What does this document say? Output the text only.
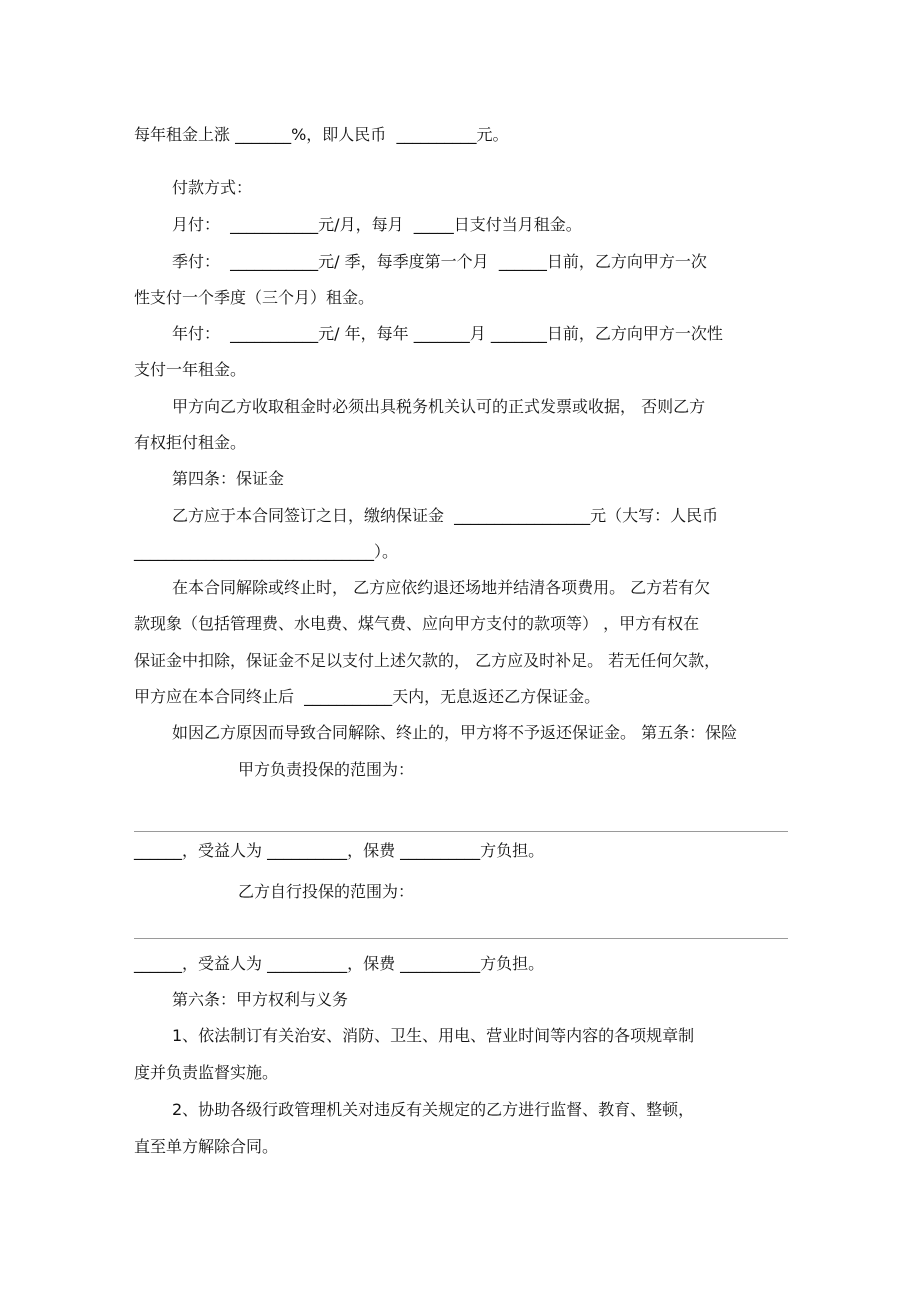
每年租金上涨 _______%，即人民币  __________元。
付款方式：
月付：  ___________元/月，每月  _____日支付当月租金。
季付：  ___________元/ 季，每季度第一个月  ______日前，乙方向甲方一次
性支付一个季度（三个月）租金。
年付：  ___________元/ 年，每年 _______月 _______日前，乙方向甲方一次性
支付一年租金。
甲方向乙方收取租金时必须出具税务机关认可的正式发票或收据， 否则乙方
有权拒付租金。
第四条：保证金
乙方应于本合同签订之日，缴纳保证金  _________________元（大写：人民币
______________________________）。
在本合同解除或终止时， 乙方应依约退还场地并结清各项费用。 乙方若有欠
款现象（包括管理费、水电费、煤气费、应向甲方支付的款项等） ，甲方有权在
保证金中扣除，保证金不足以支付上述欠款的， 乙方应及时补足。 若无任何欠款，
甲方应在本合同终止后  ___________天内，无息返还乙方保证金。
如因乙方原因而导致合同解除、终止的，甲方将不予返还保证金。 第五条：保险
甲方负责投保的范围为：
______，受益人为 __________，保费 __________方负担。
乙方自行投保的范围为：
______，受益人为 __________，保费 __________方负担。
第六条：甲方权利与义务
1、依法制订有关治安、消防、卫生、用电、营业时间等内容的各项规章制
度并负责监督实施。
2、协助各级行政管理机关对违反有关规定的乙方进行监督、教育、整顿，
直至单方解除合同。
